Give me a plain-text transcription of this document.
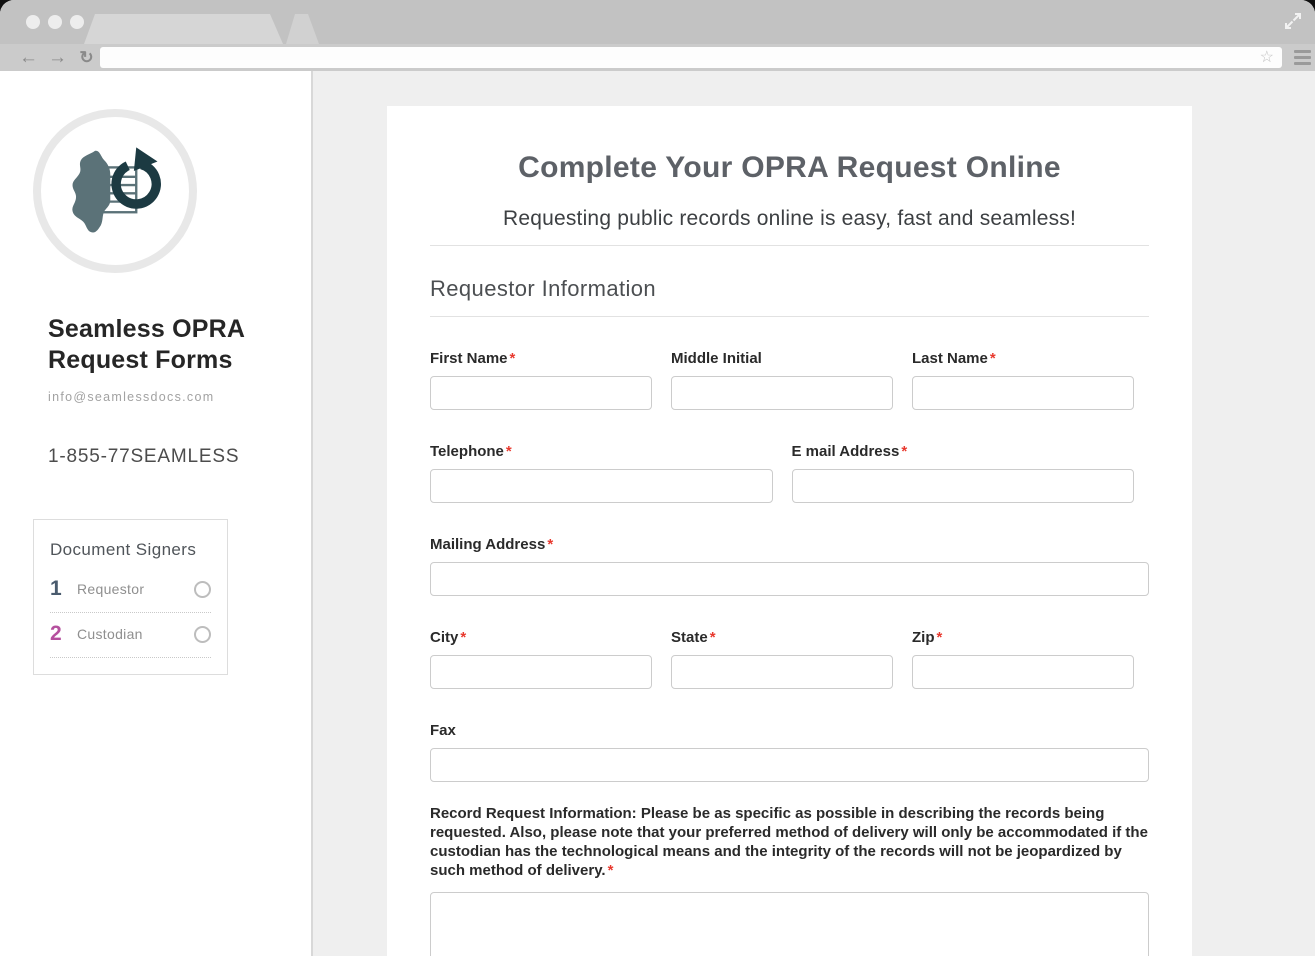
← → ↻	☆
Seamless OPRA
Request Forms
info@seamlessdocs.com
1-855-77SEAMLESS
Document Signers
1	Requestor
2	Custodian
Complete Your OPRA Request Online
Requesting public records online is easy, fast and seamless!
Requestor Information
First Name *	Middle Initial	Last Name *
Telephone *	E mail Address *
Mailing Address *
City *	State *	Zip *
Fax
Record Request Information: Please be as specific as possible in describing the records being requested. Also, please note that your preferred method of delivery will only be accommodated if the custodian has the technological means and the integrity of the records will not be jeopardized by such method of delivery. *
